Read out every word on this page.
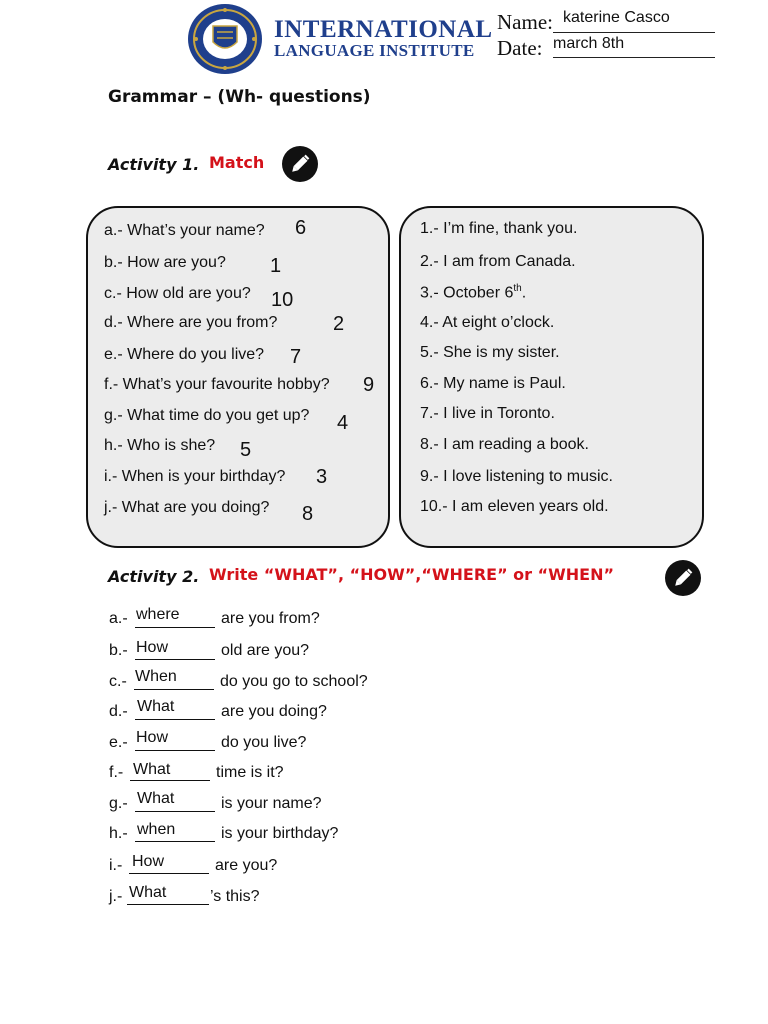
INTERNATIONAL
LANGUAGE INSTITUTE
Name: katerine Casco
Date: march 8th
Grammar – (Wh- questions)
Activity 1. Match
a.- What’s your name? 6
b.- How are you? 1
c.- How old are you? 10
d.- Where are you from?	2
e.- Where do you live? 7
f.- What’s your favourite hobby? 9
g.- What time do you get up? 4
h.- Who is she? 5
i.- When is your birthday? 3
j.- What are you doing? 8
1.- I’m fine, thank you.
2.- I am from Canada.
3.- October 6th.
4.- At eight o’clock.
5.- She is my sister.
6.- My name is Paul.
7.- I live in Toronto.
8.- I am reading a book.
9.- I love listening to music.
10.- I am eleven years old.
Activity 2. Write “WHAT”, “HOW”,“WHERE” or “WHEN”
a.- where	are you from?
b.- How	old are you?
c.- When	do you go to school?
d.- What	are you doing?
e.- How	do you live?
f.- What	time is it?
g.- What	is your name?
h.- when	is your birthday?
i.- How	are you?
j.- What	’s this?
